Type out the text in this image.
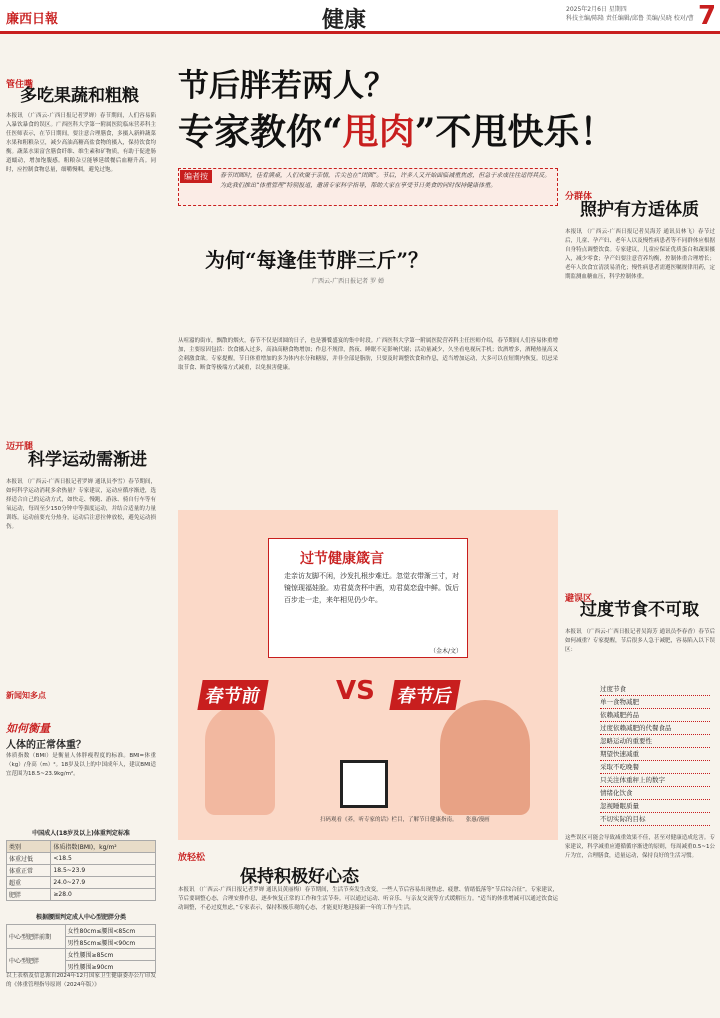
廉西日報	健康	2025年2月6日 星期四
科技主编/陈隆 责任编辑/邱鲁 美编/吴晓 校对/曹 7
管住嘴
多吃果蔬和粗粮
本报讯 （广西云-广西日报记者罗婵）春节期间，人们容易陷入暴饮暴食的误区。广西医科大学第一附属医院临床营养科主任医师表示，在节日期间，要注意合理膳食，多摄入新鲜蔬菜水果和粗粮杂豆，减少高油高糖高盐食物的摄入，保持饮食均衡。蔬菜水果富含膳食纤维、维生素和矿物质，有助于促进肠道蠕动，增加饱腹感。粗粮杂豆能够延缓餐后血糖升高。同时，应控制食物总量，细嚼慢咽，避免过饱。
迈开腿
科学运动需渐进
本报讯 （广西云-广西日报记者罗婵 通讯员李雪）春节期间，如何科学运动消耗多余热量？专家建议，运动应循序渐进，选择适合自己的运动方式，如快走、慢跑、游泳、骑自行车等有氧运动，每周至少150分钟中等强度运动，并结合适量的力量训练。运动前要充分热身，运动后注意拉伸放松，避免运动损伤。
新闻知多点
如何衡量
人体的正常体重？
体质指数（BMI）是衡量人体胖瘦程度的标准。BMI=体重（kg）/身高（m）²。18岁及以上的中国成年人，建议BMI适宜范围为18.5~23.9kg/m²。
中国成人(18岁及以上)体重判定标准
类别	体质指数(BMI)，kg/m²
体重过低	<18.5
体重正常	18.5~23.9
超重	24.0~27.9
肥胖	≥28.0
根据腰围判定成人中心型肥胖分类
中心型肥胖前期	女性80cm≤腰围<85cm
	男性85cm≤腰围<90cm
中心型肥胖	女性腰围≥85cm
	男性腰围≥90cm
以上表格及信息源自2024年12月国家卫生健康委办公厅印发的《体重管理指导原则（2024年版）》
节后胖若两人？
专家教你“甩肉”不甩快乐！
编者按	春节团圆时，佳肴满桌，人们欢聚于亲情，舌尖也在“团圆”。节后，许多人又开始面临减重焦虑，但急于求成往往适得其反。为此我们推出“体重管理”特别报道，邀请专家科学指导，帮助大家在享受节日美食的同时保持健康体重。
为何“每逢佳节胖三斤”？
广西云-广西日报记者 罗 婵
从喧嚣的街市，飘散的烟火，春节不仅是团圆的日子，也是饕餮盛宴的集中时段。广西医科大学第一附属医院营养科主任医师介绍，春节期间人们容易体重增加，主要原因包括：饮食摄入过多，高油高糖食物增加；作息不规律，熬夜、睡眠不足影响代谢；活动量减少，久坐看电视玩手机；饮酒增多，酒精热量高又会刺激食欲。专家提醒，节日体重增加的多为体内水分和糖原，并非全部是脂肪，只要及时调整饮食和作息，适当增加运动，大多可以在短期内恢复。切忌采取节食、断食等极端方式减重，以免损害健康。
过节健康箴言
走亲访友脚不闲，沙发扎根步难迁。忽觉衣带渐三寸，对镜惊现福娃脸。劝君莫贪杯中酒，劝君莫恋盘中鲜。饭后百步走一走，来年相见仍少年。
（金木/文）
春节前	VS	春节后
扫码观看《养，听专家的话》栏目，了解节日健康指南。　　张惠/漫画
放轻松
保持积极好心态
本报讯 （广西云-广西日报记者罗婵 通讯员黄丽梅）春节期间，生活节奏发生改变，一些人节后容易出现焦虑、疲惫、情绪低落等“节后综合征”。专家建议，节后要调整心态，合理安排作息，逐步恢复正常的工作和生活节奏。可以通过运动、听音乐、与亲友交流等方式缓解压力。“适当的体重增减可以通过饮食运动调整，不必过度焦虑，”专家表示，保持积极乐观的心态，才能更好地迎接新一年的工作与生活。
分群体
照护有方适体质
本报讯 （广西云-广西日报记者吴海芳 通讯员林飞）春节过后，儿童、孕产妇、老年人以及慢性病患者等不同群体应根据自身特点调整饮食。专家建议，儿童应保证优质蛋白和蔬果摄入，减少零食；孕产妇要注意营养均衡，控制体重合理增长；老年人饮食宜清淡易消化；慢性病患者需遵医嘱规律用药，定期监测血糖血压，科学控制体重。
避误区
过度节食不可取
本报讯 （广西云-广西日报记者吴海芳 通讯员李春香）春节后如何减重？专家提醒，节后很多人急于减肥，容易陷入以下误区：
过度节食
单一食物减肥
依赖减肥药品
过度依赖减肥的代餐食品
忽略运动的重要性
期望快速减重
采取不吃晚餐
只关注体重秤上的数字
情绪化饮食
忽视睡眠质量
不切实际的目标
这些误区可能会导致减重效果不佳，甚至对健康造成危害。专家建议，科学减重应遵循循序渐进的原则，每周减重0.5~1公斤为宜，合理膳食，适量运动，保持良好的生活习惯。
